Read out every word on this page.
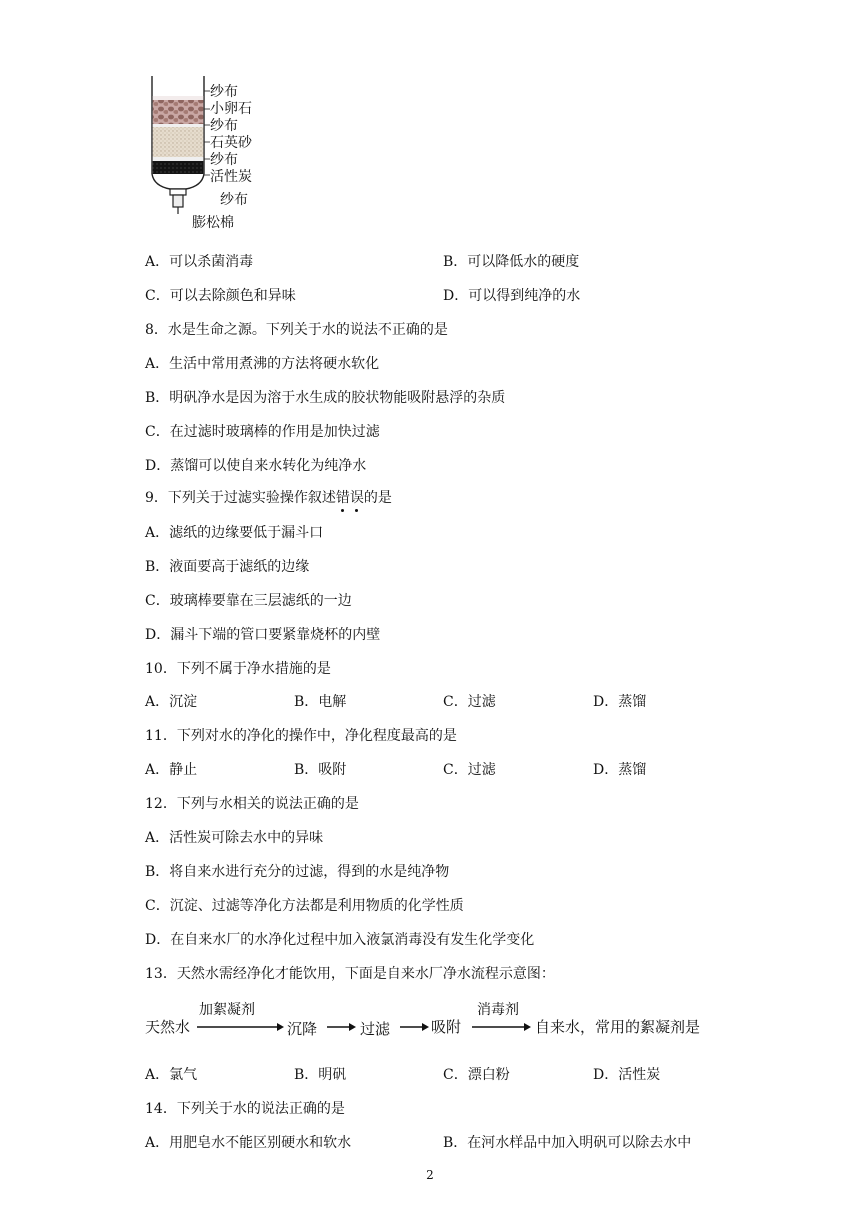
纱布
小卵石
纱布
石英砂
纱布
活性炭
纱布
膨松棉
A．可以杀菌消毒	B．可以降低水的硬度
C．可以去除颜色和异味	D．可以得到纯净的水
8．水是生命之源。下列关于水的说法不正确的是
A．生活中常用煮沸的方法将硬水软化
B．明矾净水是因为溶于水生成的胶状物能吸附悬浮的杂质
C．在过滤时玻璃棒的作用是加快过滤
D．蒸馏可以使自来水转化为纯净水
9．下列关于过滤实验操作叙述错误的是
A．滤纸的边缘要低于漏斗口
B．液面要高于滤纸的边缘
C．玻璃棒要靠在三层滤纸的一边
D．漏斗下端的管口要紧靠烧杯的内壁
10．下列不属于净水措施的是
A．沉淀	B．电解	C．过滤	D．蒸馏
11．下列对水的净化的操作中，净化程度最高的是
A．静止	B．吸附	C．过滤	D．蒸馏
12．下列与水相关的说法正确的是
A．活性炭可除去水中的异味
B．将自来水进行充分的过滤，得到的水是纯净物
C．沉淀、过滤等净化方法都是利用物质的化学性质
D．在自来水厂的水净化过程中加入液氯消毒没有发生化学变化
13．天然水需经净化才能饮用，下面是自来水厂净水流程示意图：
天然水
加絮凝剂
沉降	过滤	吸附
消毒剂
自来水，常用的絮凝剂是
A．氯气	B．明矾	C．漂白粉	D．活性炭
14．下列关于水的说法正确的是
A．用肥皂水不能区别硬水和软水	B．在河水样品中加入明矾可以除去水中
2
